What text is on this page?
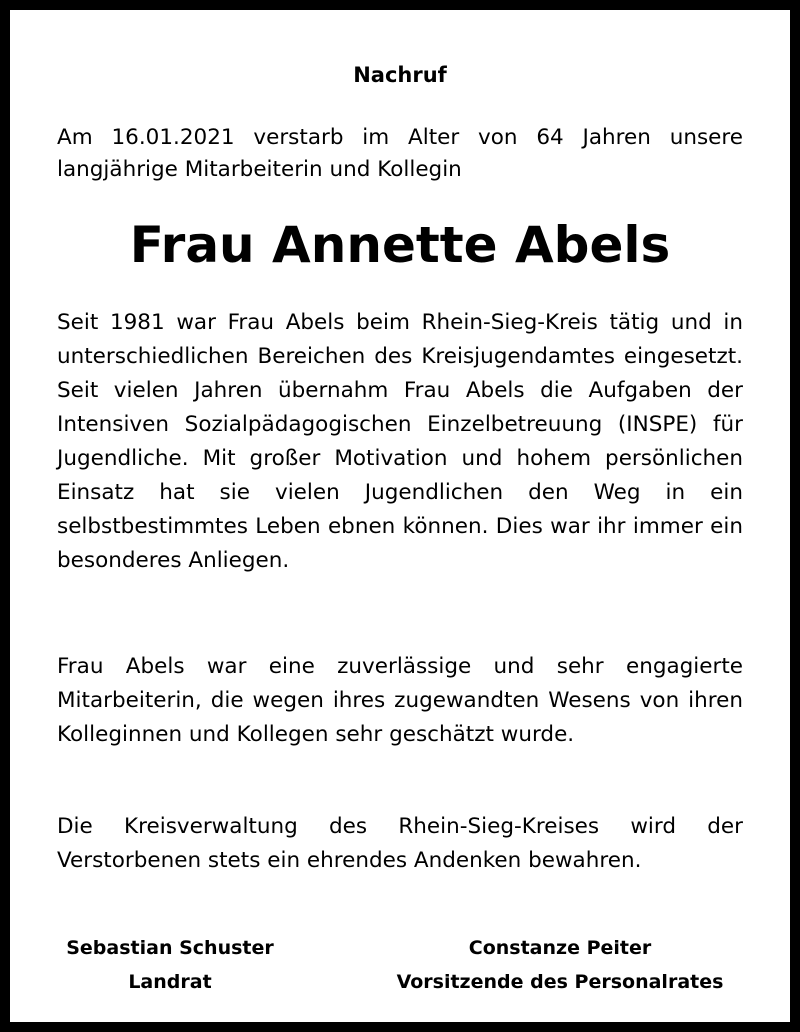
Nachruf
Am 16.01.2021 verstarb im Alter von 64 Jahren unsere langjährige Mitarbeiterin und Kollegin
Frau Annette Abels
Seit 1981 war Frau Abels beim Rhein-Sieg-Kreis tätig und in unterschiedlichen Bereichen des Kreisjugendamtes eingesetzt. Seit vielen Jahren übernahm Frau Abels die Aufgaben der Intensiven Sozialpädagogischen Einzelbetreuung (INSPE) für Jugendliche. Mit großer Motivation und hohem persönlichen Einsatz hat sie vielen Jugendlichen den Weg in ein selbstbestimmtes Leben ebnen können. Dies war ihr immer ein besonderes Anliegen.
Frau Abels war eine zuverlässige und sehr engagierte Mitarbeiterin, die wegen ihres zugewandten Wesens von ihren Kolleginnen und Kollegen sehr geschätzt wurde.
Die Kreisverwaltung des Rhein-Sieg-Kreises wird der Verstorbenen stets ein ehrendes Andenken bewahren.
Sebastian Schuster
Landrat
Constanze Peiter
Vorsitzende des Personalrates
